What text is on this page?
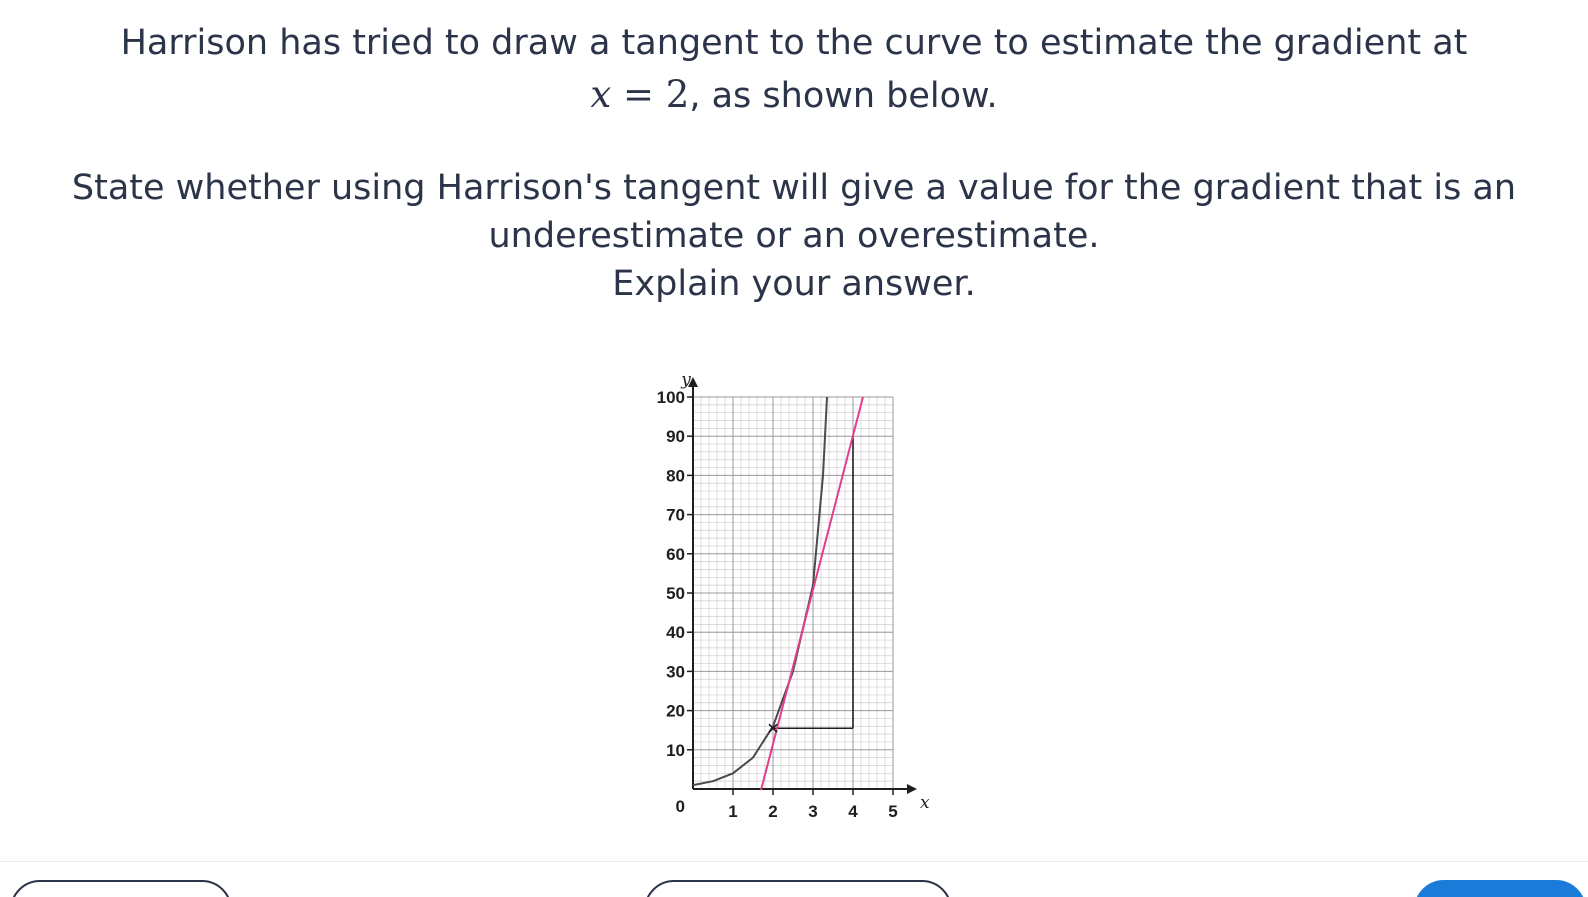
Harrison has tried to draw a tangent to the curve to estimate the gradient at

x = 2, as shown below.

State whether using Harrison's tangent will give a value for the gradient that is an

underestimate or an overestimate.

Explain your answer.

10
20
30
40
50
60
70
80
90
100
1 2 3 4 5
0	x
y
